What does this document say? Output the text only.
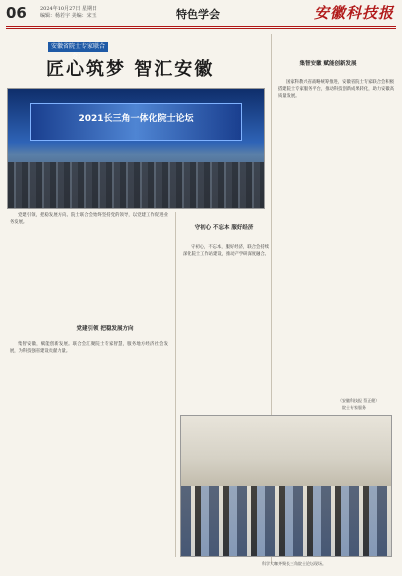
06	2024年10月27日 星期日
编辑：杨若宇 美编：宋玉	特色学会	安徽科技报
安徽省院士专家联合会：
匠心筑梦 智汇安徽
2021长三角一体化院士论坛
集智安徽 赋能创新发展
国家科教兴省战略统筹推进，安徽省院士专家联合会积极搭建院士专家服务平台，推动科技创新成果转化，助力安徽高质量发展。
守初心 不忘本 服好经济
守初心，不忘本，服好经济，联合会持续深化院士工作站建设，推动产学研深度融合。
党建引领 把稳发展方向
党建引领，把稳发展方向。院士联合会始终坚持党的领导，以党建工作促进业务发展。
集智安徽，赋能创新发展。联合会汇聚院士专家智慧，服务地方经济社会发展，为科技强省建设贡献力量。
院士专家服务
科学大咖齐聚长三角院士论坛现场。
（安徽科技报 蔡正健）
